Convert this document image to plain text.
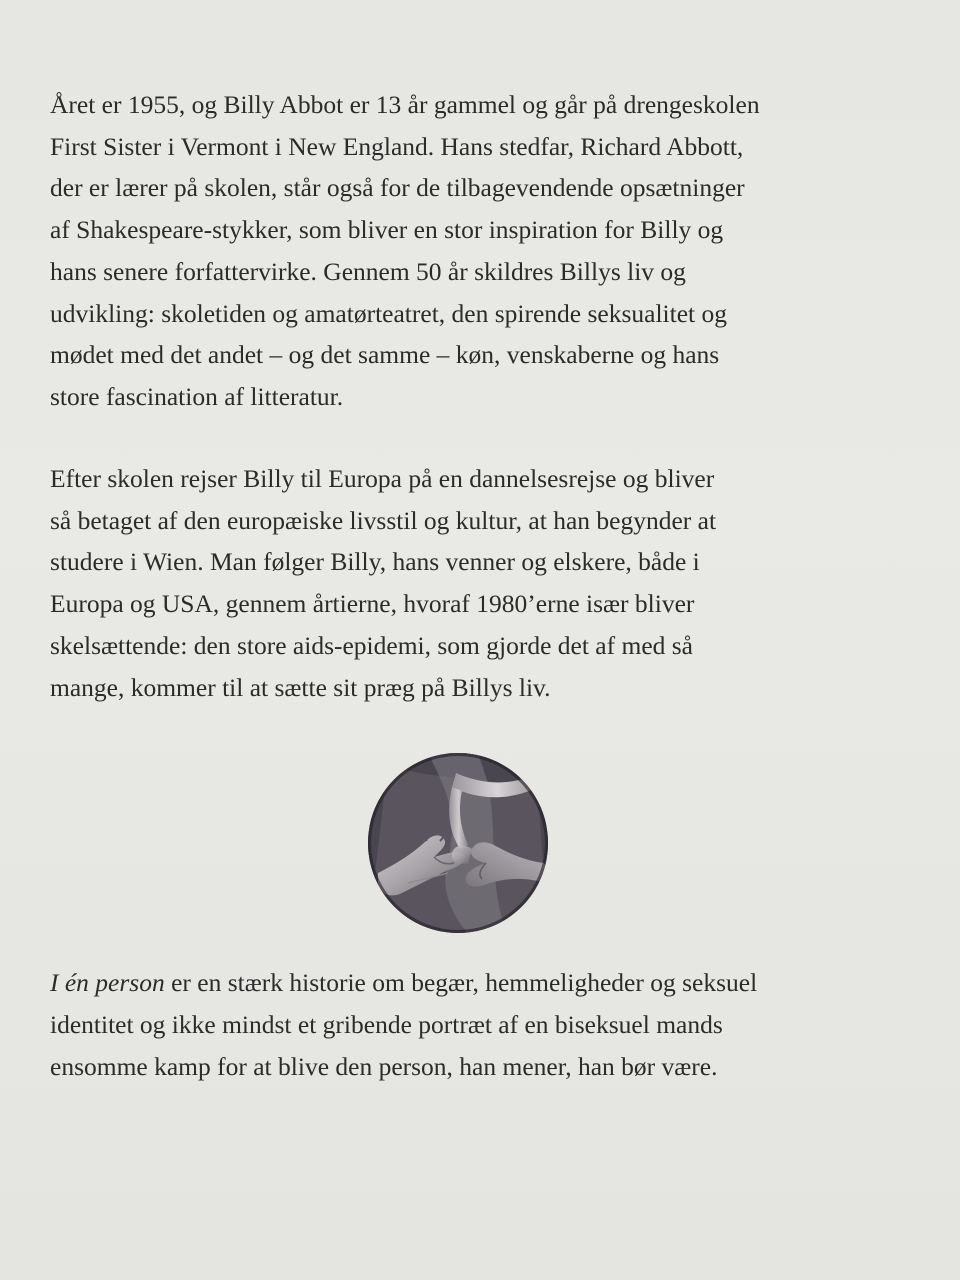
Året er 1955, og Billy Abbot er 13 år gammel og går på drengeskolen
First Sister i Vermont i New England. Hans stedfar, Richard Abbott,
der er lærer på skolen, står også for de tilbagevendende opsætninger
af Shakespeare-stykker, som bliver en stor inspiration for Billy og
hans senere forfattervirke. Gennem 50 år skildres Billys liv og
udvikling: skoletiden og amatørteatret, den spirende seksualitet og
mødet med det andet – og det samme – køn, venskaberne og hans
store fascination af litteratur.
Efter skolen rejser Billy til Europa på en dannelsesrejse og bliver
så betaget af den europæiske livsstil og kultur, at han begynder at
studere i Wien. Man følger Billy, hans venner og elskere, både i
Europa og USA, gennem årtierne, hvoraf 1980’erne især bliver
skelsættende: den store aids-epidemi, som gjorde det af med så
mange, kommer til at sætte sit præg på Billys liv.
I én person er en stærk historie om begær, hemmeligheder og seksuel
identitet og ikke mindst et gribende portræt af en biseksuel mands
ensomme kamp for at blive den person, han mener, han bør være.
